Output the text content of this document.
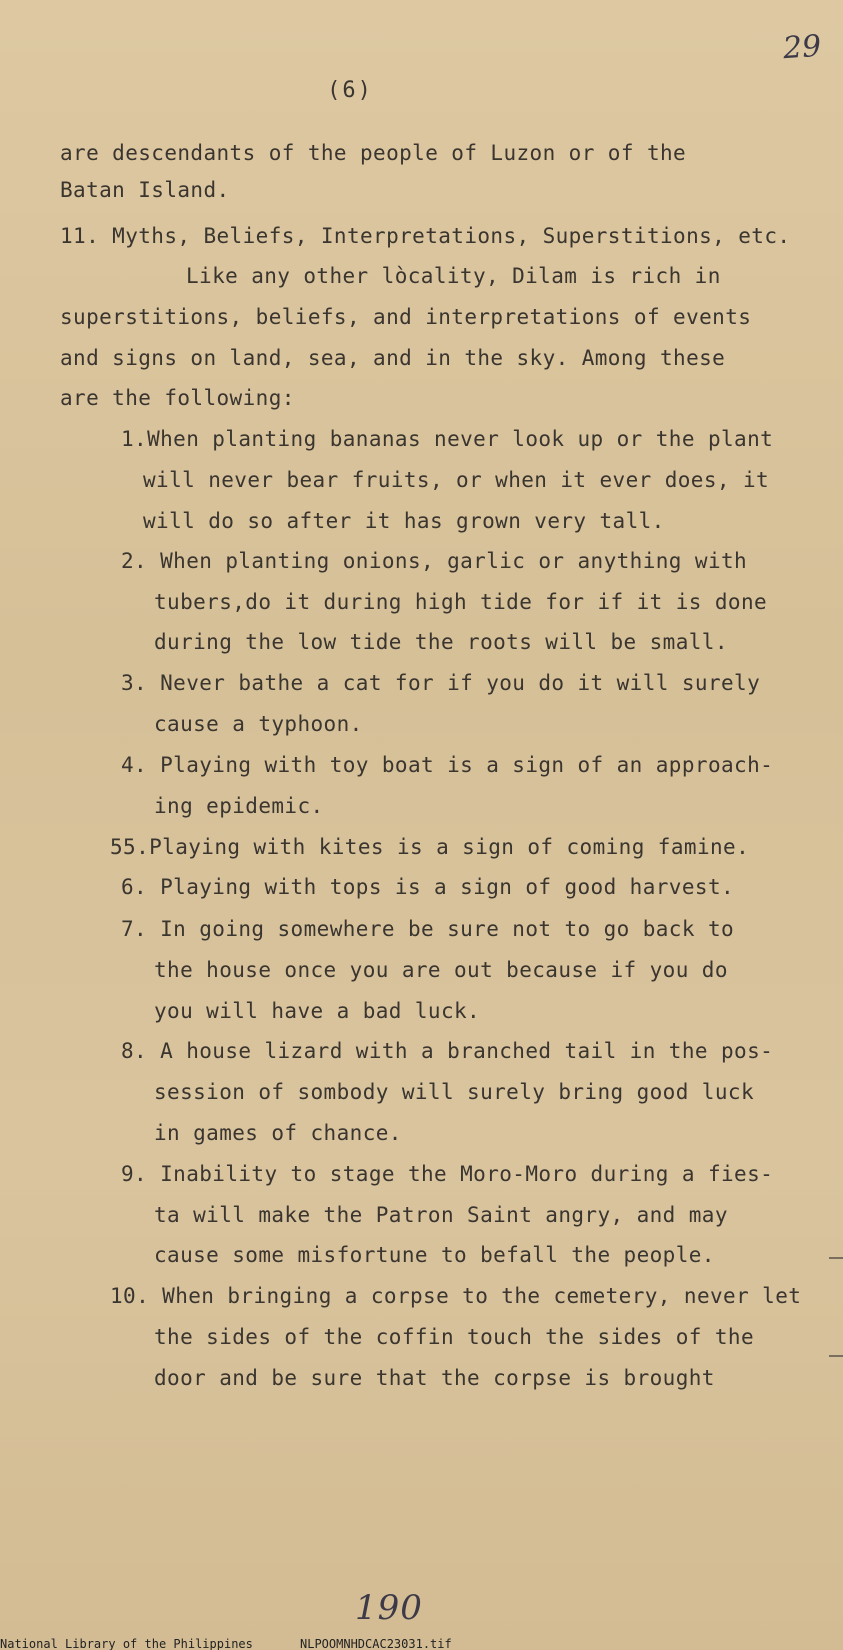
29
(6)
are descendants of the people of Luzon or of the
Batan Island.
11. Myths, Beliefs, Interpretations, Superstitions, etc.
Like any other lòcality, Dilam is rich in
superstitions, beliefs, and interpretations of events
and signs on land, sea, and in the sky. Among these
are the following:
1.When planting bananas never look up or the plant
will never bear fruits, or when it ever does, it
will do so after it has grown very tall.
2. When planting onions, garlic or anything with
tubers,do it during high tide for if it is done
during the low tide the roots will be small.
3. Never bathe a cat for if you do it will surely
cause a typhoon.
4. Playing with toy boat is a sign of an approach-
ing epidemic.
55.Playing with kites is a sign of coming famine.
6. Playing with tops is a sign of good harvest.
7. In going somewhere be sure not to go back to
the house once you are out because if you do
you will have a bad luck.
8. A house lizard with a branched tail in the pos-
session of sombody will surely bring good luck
in games of chance.
9. Inability to stage the Moro-Moro during a fies-
ta will make the Patron Saint angry, and may
cause some misfortune to befall the people.
10. When bringing a corpse to the cemetery, never let
the sides of the coffin touch the sides of the
door and be sure that the corpse is brought
190
National Library of the Philippines	NLPOOMNHDCAC23031.tif
